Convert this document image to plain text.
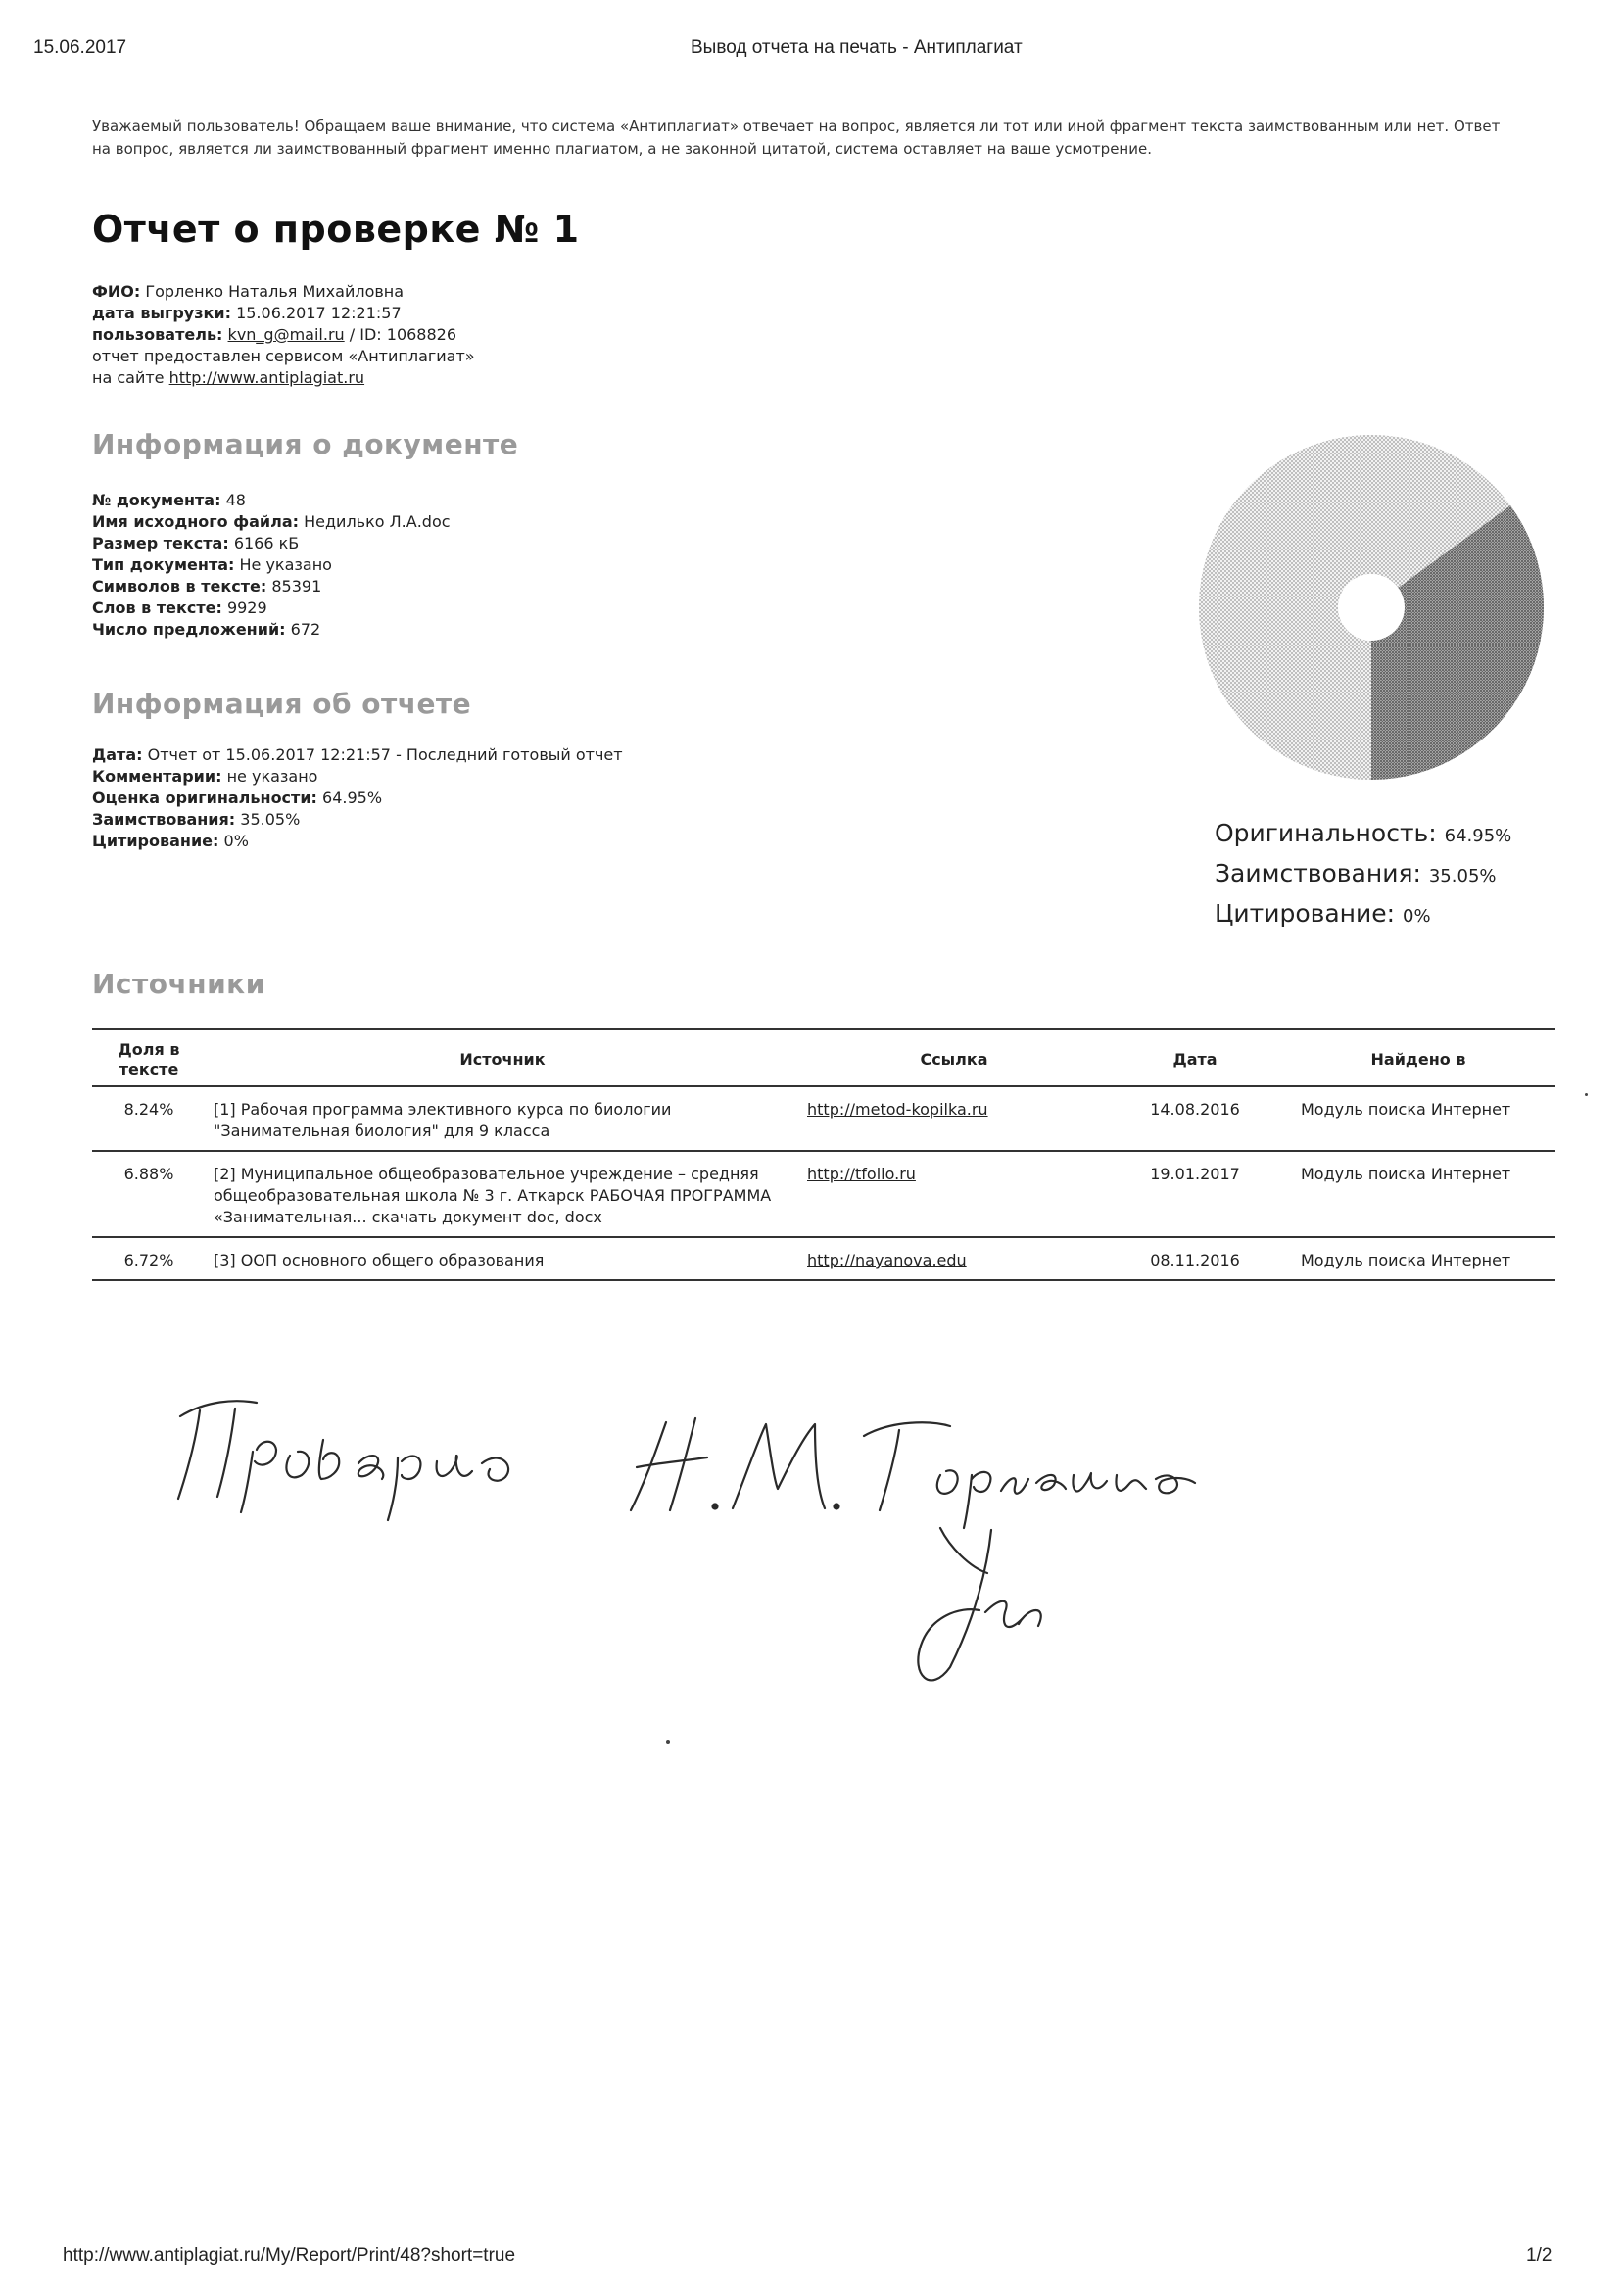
15.06.2017	Вывод отчета на печать - Антиплагиат
Уважаемый пользователь! Обращаем ваше внимание, что система «Антиплагиат» отвечает на вопрос, является ли тот или иной фрагмент текста заимствованным или нет. Ответ на вопрос, является ли заимствованный фрагмент именно плагиатом, а не законной цитатой, система оставляет на ваше усмотрение.
Отчет о проверке № 1
ФИО: Горленко Наталья Михайловна
дата выгрузки: 15.06.2017 12:21:57
пользователь: kvn_g@mail.ru / ID: 1068826
отчет предоставлен сервисом «Антиплагиат»
на сайте http://www.antiplagiat.ru
Информация о документе
№ документа: 48
Имя исходного файла: Недилько Л.А.doc
Размер текста: 6166 кБ
Тип документа: Не указано
Символов в тексте: 85391
Слов в тексте: 9929
Число предложений: 672
Информация об отчете
Дата: Отчет от 15.06.2017 12:21:57 - Последний готовый отчет
Комментарии: не указано
Оценка оригинальности: 64.95%
Заимствования: 35.05%
Цитирование: 0%	Оригинальность: 64.95%
Заимствования: 35.05%
Цитирование: 0%
Источники
Доля в тексте	Источник	Ссылка	Дата	Найдено в
8.24%	[1] Рабочая программа элективного курса по биологии "Занимательная биология" для 9 класса	http://metod-kopilka.ru	14.08.2016	Модуль поиска Интернет
6.88%	[2] Муниципальное общеобразовательное учреждение – средняя общеобразовательная школа № 3 г. Аткарск РАБОЧАЯ ПРОГРАММА «Занимательная... скачать документ doc, docx	http://tfolio.ru	19.01.2017	Модуль поиска Интернет
6.72%	[3] ООП основного общего образования	http://nayanova.edu	08.11.2016	Модуль поиска Интернет
http://www.antiplagiat.ru/My/Report/Print/48?short=true	1/2
